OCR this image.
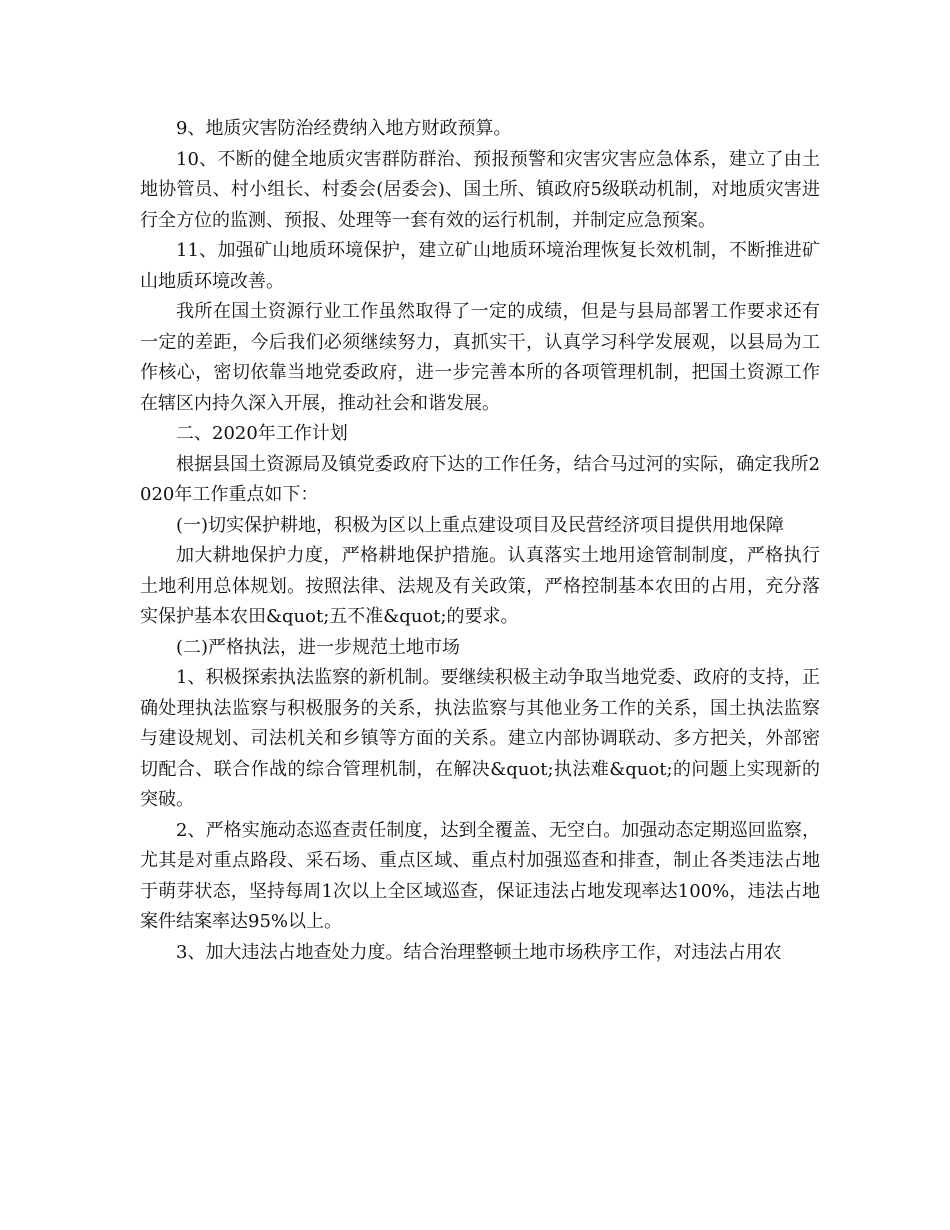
9、地质灾害防治经费纳入地方财政预算。

10、不断的健全地质灾害群防群治、预报预警和灾害灾害应急体系，建立了由土地协管员、村小组长、村委会(居委会)、国土所、镇政府5级联动机制，对地质灾害进行全方位的监测、预报、处理等一套有效的运行机制，并制定应急预案。

11、加强矿山地质环境保护，建立矿山地质环境治理恢复长效机制，不断推进矿山地质环境改善。

我所在国土资源行业工作虽然取得了一定的成绩，但是与县局部署工作要求还有一定的差距，今后我们必须继续努力，真抓实干，认真学习科学发展观，以县局为工作核心，密切依靠当地党委政府，进一步完善本所的各项管理机制，把国土资源工作在辖区内持久深入开展，推动社会和谐发展。

二、2020年工作计划

根据县国土资源局及镇党委政府下达的工作任务，结合马过河的实际，确定我所2020年工作重点如下：

(一)切实保护耕地，积极为区以上重点建设项目及民营经济项目提供用地保障

加大耕地保护力度，严格耕地保护措施。认真落实土地用途管制制度，严格执行土地利用总体规划。按照法律、法规及有关政策，严格控制基本农田的占用，充分落实保护基本农田&quot;五不准&quot;的要求。

(二)严格执法，进一步规范土地市场

1、积极探索执法监察的新机制。要继续积极主动争取当地党委、政府的支持，正确处理执法监察与积极服务的关系，执法监察与其他业务工作的关系，国土执法监察与建设规划、司法机关和乡镇等方面的关系。建立内部协调联动、多方把关，外部密切配合、联合作战的综合管理机制，在解决&quot;执法难&quot;的问题上实现新的突破。

2、严格实施动态巡查责任制度，达到全覆盖、无空白。加强动态定期巡回监察，尤其是对重点路段、采石场、重点区域、重点村加强巡查和排查，制止各类违法占地于萌芽状态，坚持每周1次以上全区域巡查，保证违法占地发现率达100%，违法占地案件结案率达95%以上。

3、加大违法占地查处力度。结合治理整顿土地市场秩序工作，对违法占用农
